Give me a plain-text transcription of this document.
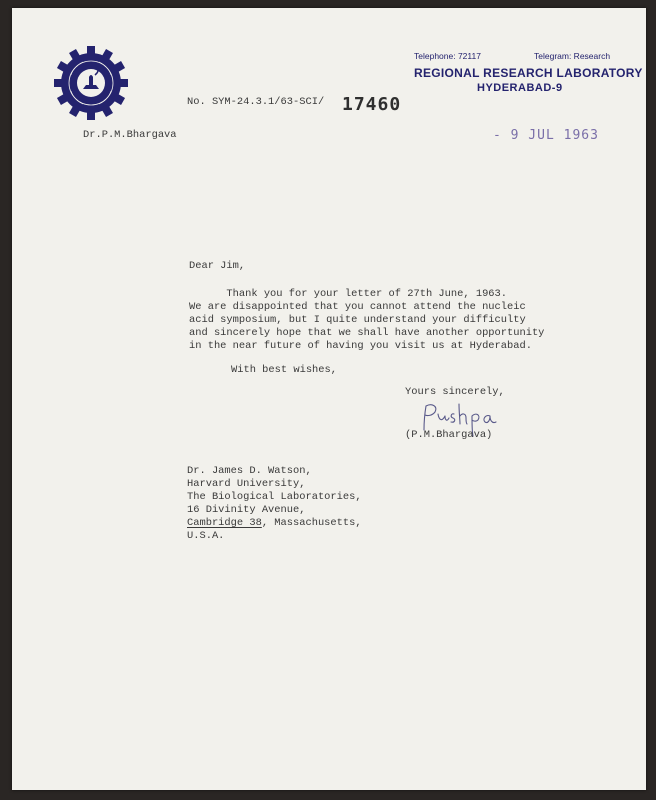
Telephone: 72117	Telegram: Research
REGIONAL RESEARCH LABORATORY
HYDERABAD-9
No. SYM-24.3.1/63-SCI/ 17460
Dr.P.M.Bhargava	- 9 JUL 1963
Dear Jim,
Thank you for your letter of 27th June, 1963.
We are disappointed that you cannot attend the nucleic
acid symposium, but I quite understand your difficulty
and sincerely hope that we shall have another opportunity
in the near future of having you visit us at Hyderabad.
With best wishes,
Yours sincerely,
(P.M.Bhargava)
Dr. James D. Watson,
Harvard University,
The Biological Laboratories,
16 Divinity Avenue,
Cambridge 38, Massachusetts,
U.S.A.
